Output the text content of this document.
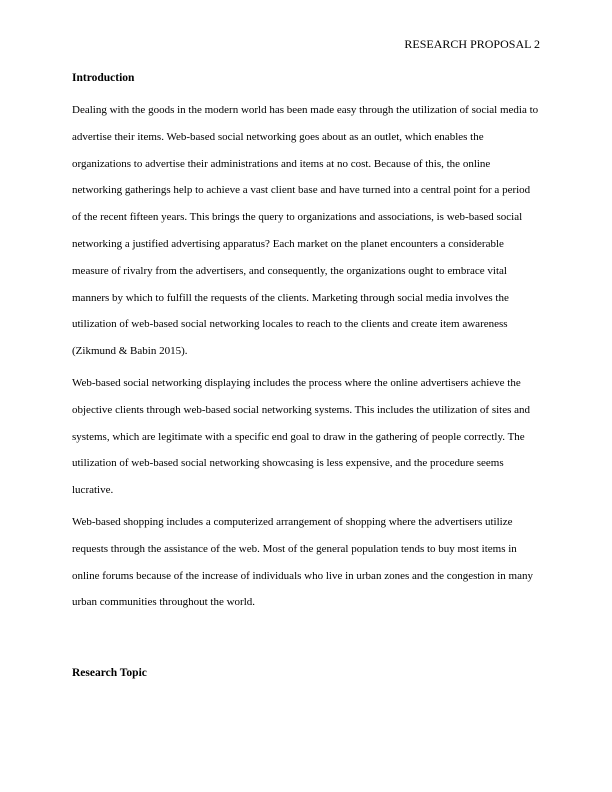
RESEARCH PROPOSAL 2

Introduction

Dealing with the goods in the modern world has been made easy through the utilization of social media to advertise their items. Web-based social networking goes about as an outlet, which enables the organizations to advertise their administrations and items at no cost. Because of this, the online networking gatherings help to achieve a vast client base and have turned into a central point for a period of the recent fifteen years. This brings the query to organizations and associations, is web-based social networking a justified advertising apparatus? Each market on the planet encounters a considerable measure of rivalry from the advertisers, and consequently, the organizations ought to embrace vital manners by which to fulfill the requests of the clients. Marketing through social media involves the utilization of web-based social networking locales to reach to the clients and create item awareness (Zikmund & Babin 2015).

Web-based social networking displaying includes the process where the online advertisers achieve the objective clients through web-based social networking systems. This includes the utilization of sites and systems, which are legitimate with a specific end goal to draw in the gathering of people correctly. The utilization of web-based social networking showcasing is less expensive, and the procedure seems lucrative.

Web-based shopping includes a computerized arrangement of shopping where the advertisers utilize requests through the assistance of the web. Most of the general population tends to buy most items in online forums because of the increase of individuals who live in urban zones and the congestion in many urban communities throughout the world.

Research Topic
